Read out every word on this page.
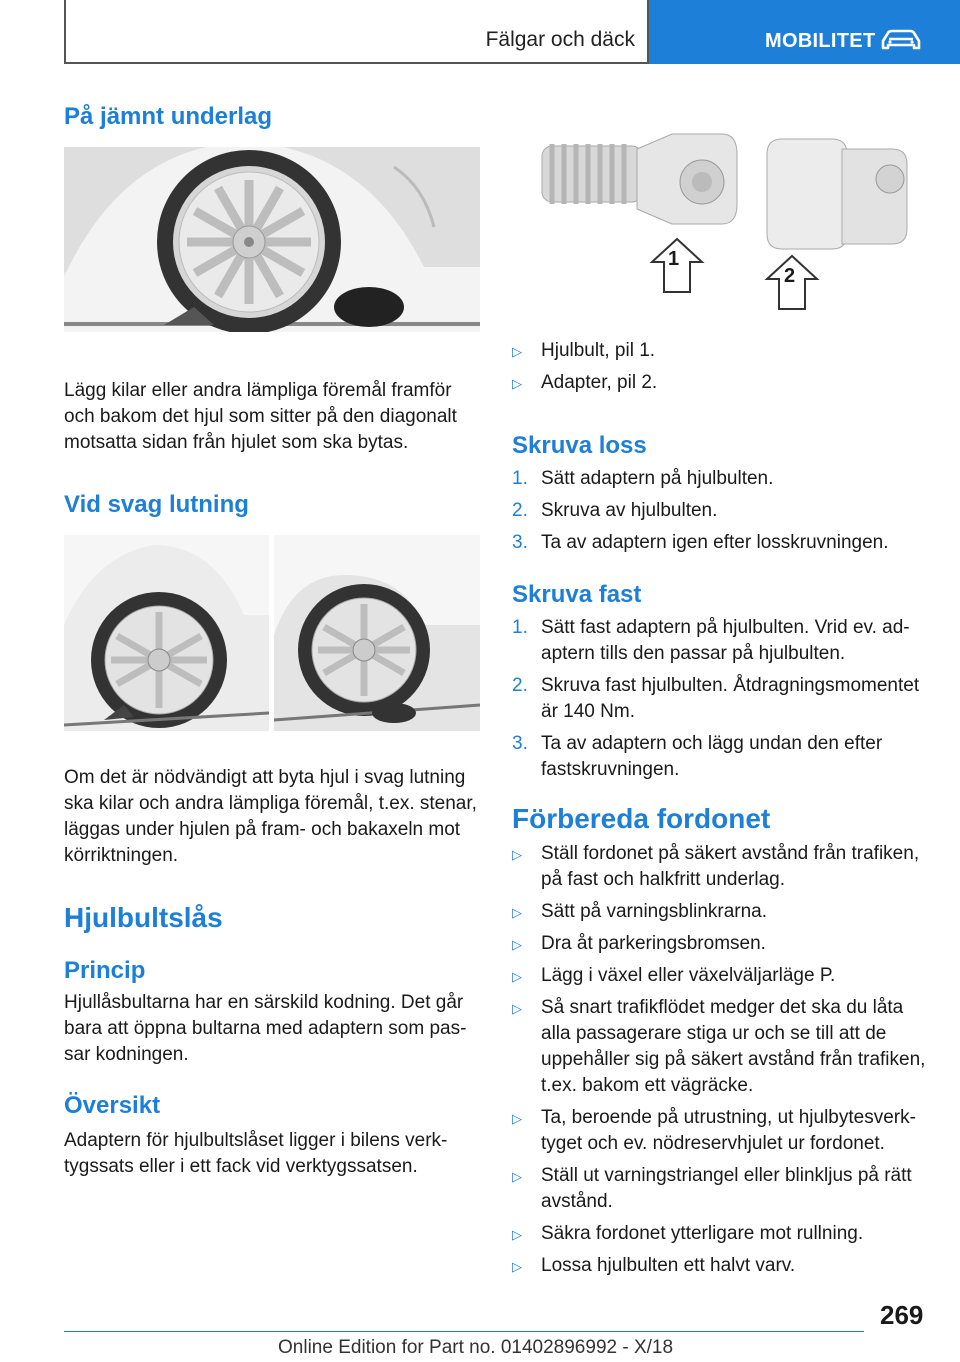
Fälgar och däck	MOBILITET
På jämnt underlag
Lägg kilar eller andra lämpliga föremål framför och bakom det hjul som sitter på den diagonalt motsatta sidan från hjulet som ska bytas.
Vid svag lutning
Om det är nödvändigt att byta hjul i svag lutning ska kilar och andra lämpliga föremål, t.ex. stenar, läggas under hjulen på fram- och bakaxeln mot körriktningen.
Hjulbultslås
Princip
Hjullåsbultarna har en särskild kodning. Det går bara att öppna bultarna med adaptern som passar kodningen.
Översikt
Adaptern för hjulbultslåset ligger i bilens verktygssats eller i ett fack vid verktygssatsen.
1
2
▷ Hjulbult, pil 1.
▷ Adapter, pil 2.
Skruva loss
1. Sätt adaptern på hjulbulten.
2. Skruva av hjulbulten.
3. Ta av adaptern igen efter losskruvningen.
Skruva fast
1. Sätt fast adaptern på hjulbulten. Vrid ev. adaptern tills den passar på hjulbulten.
2. Skruva fast hjulbulten. Åtdragningsmomentet är 140 Nm.
3. Ta av adaptern och lägg undan den efter fastskruvningen.
Förbereda fordonet
▷ Ställ fordonet på säkert avstånd från trafiken, på fast och halkfritt underlag.
▷ Sätt på varningsblinkrarna.
▷ Dra åt parkeringsbromsen.
▷ Lägg i växel eller växelväljarläge P.
▷ Så snart trafikflödet medger det ska du låta alla passagerare stiga ur och se till att de uppehåller sig på säkert avstånd från trafiken, t.ex. bakom ett vägräcke.
▷ Ta, beroende på utrustning, ut hjulbytesverktyget och ev. nödreservhjulet ur fordonet.
▷ Ställ ut varningstriangel eller blinkljus på rätt avstånd.
▷ Säkra fordonet ytterligare mot rullning.
▷ Lossa hjulbulten ett halvt varv.
269
Online Edition for Part no. 01402896992 - X/18
